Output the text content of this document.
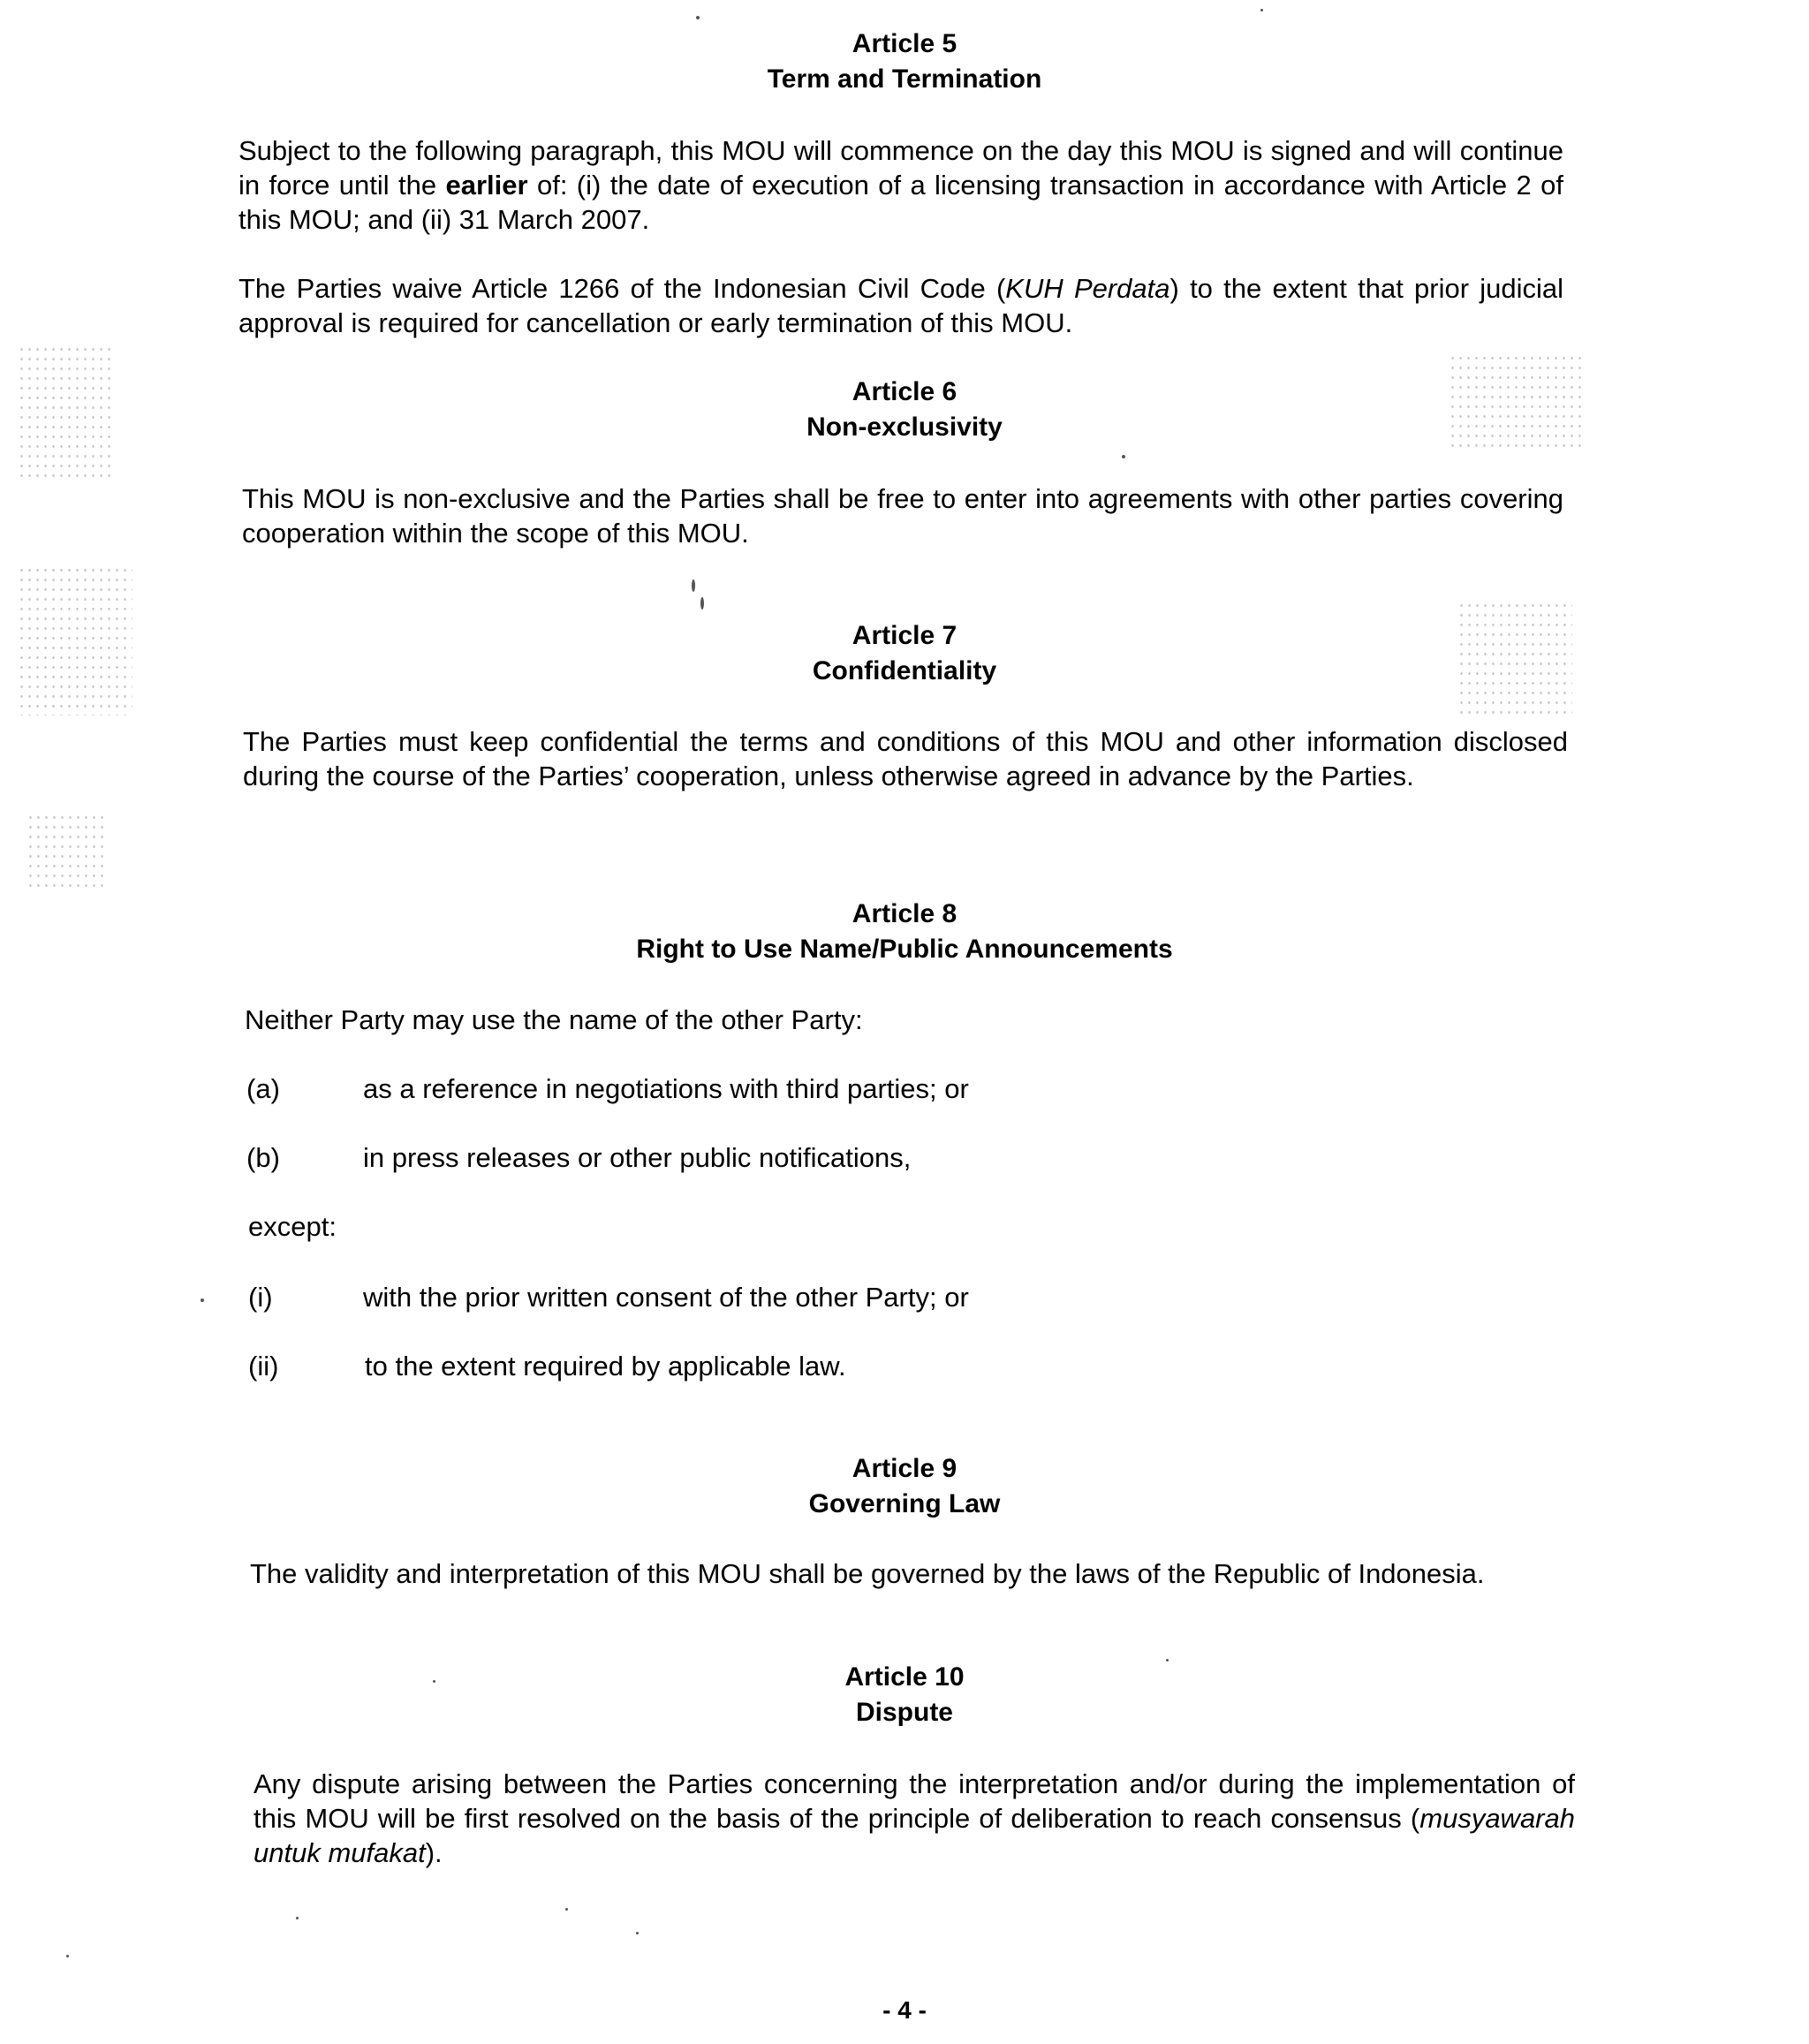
Article 5
Term and Termination
Subject to the following paragraph, this MOU will commence on the day this MOU is signed and will continue in force until the earlier of: (i) the date of execution of a licensing transaction in accordance with Article 2 of this MOU; and (ii) 31 March 2007.
The Parties waive Article 1266 of the Indonesian Civil Code (KUH Perdata) to the extent that prior judicial approval is required for cancellation or early termination of this MOU.
Article 6
Non-exclusivity
This MOU is non-exclusive and the Parties shall be free to enter into agreements with other parties covering cooperation within the scope of this MOU.
Article 7
Confidentiality
The Parties must keep confidential the terms and conditions of this MOU and other information disclosed during the course of the Parties’ cooperation, unless otherwise agreed in advance by the Parties.
Article 8
Right to Use Name/Public Announcements
Neither Party may use the name of the other Party:
(a)	as a reference in negotiations with third parties; or
(b)	in press releases or other public notifications,
except:
(i)	with the prior written consent of the other Party; or
(ii)	to the extent required by applicable law.
Article 9
Governing Law
The validity and interpretation of this MOU shall be governed by the laws of the Republic of Indonesia.
Article 10
Dispute
Any dispute arising between the Parties concerning the interpretation and/or during the implementation of this MOU will be first resolved on the basis of the principle of deliberation to reach consensus (musyawarah untuk mufakat).
- 4 -
